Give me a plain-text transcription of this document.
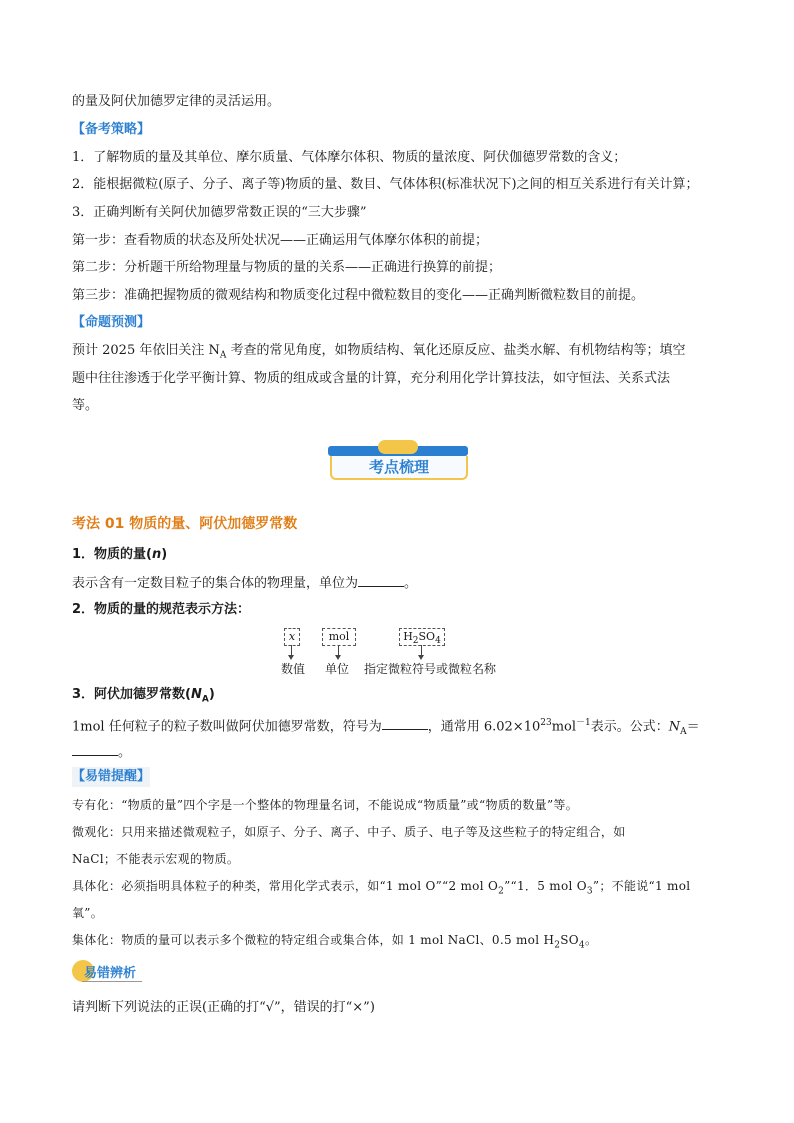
的量及阿伏加德罗定律的灵活运用。

【备考策略】

1．了解物质的量及其单位、摩尔质量、气体摩尔体积、物质的量浓度、阿伏伽德罗常数的含义；

2．能根据微粒(原子、分子、离子等)物质的量、数目、气体体积(标准状况下)之间的相互关系进行有关计算；

3．正确判断有关阿伏加德罗常数正误的“三大步骤”

第一步：查看物质的状态及所处状况——正确运用气体摩尔体积的前提；

第二步：分析题干所给物理量与物质的量的关系——正确进行换算的前提；

第三步：准确把握物质的微观结构和物质变化过程中微粒数目的变化——正确判断微粒数目的前提。

【命题预测】

预计 2025 年依旧关注 $N_A$ 考查的常见角度，如物质结构、氧化还原反应、盐类水解、有机物结构等；填空

题中往往渗透于化学平衡计算、物质的组成或含量的计算，充分利用化学计算技法，如守恒法、关系式法

等。

考点梳理

考法 01 物质的量、阿伏加德罗常数

1．物质的量(n)

表示含有一定数目粒子的集合体的物理量，单位为	。

2．物质的量的规范表示方法：

x	mol	$H_2SO_4$
数值 单位 指定微粒符号或微粒名称

3．阿伏加德罗常数$(N_A)$

1mol 任何粒子的粒子数叫做阿伏加德罗常数，符号为	，通常用 $6.02\times 10^{23}mol^{-1}$表示。公式：$N_A=$

。

【易错提醒】

专有化：“物质的量”四个字是一个整体的物理量名词，不能说成“物质量”或“物质的数量”等。

微观化：只用来描述微观粒子，如原子、分子、离子、中子、质子、电子等及这些粒子的特定组合，如

NaCl；不能表示宏观的物质。

具体化：必须指明具体粒子的种类，常用化学式表示，如“1 mol O”“2 mol $O_2”“1$．5 mol $O_3$”；不能说“1 mol

氧”。

集体化：物质的量可以表示多个微粒的特定组合或集合体，如 1 mol NaCl、0.5 mol $H_2SO_4$。

易错辨析

请判断下列说法的正误(正确的打“√”，错误的打“×”)
